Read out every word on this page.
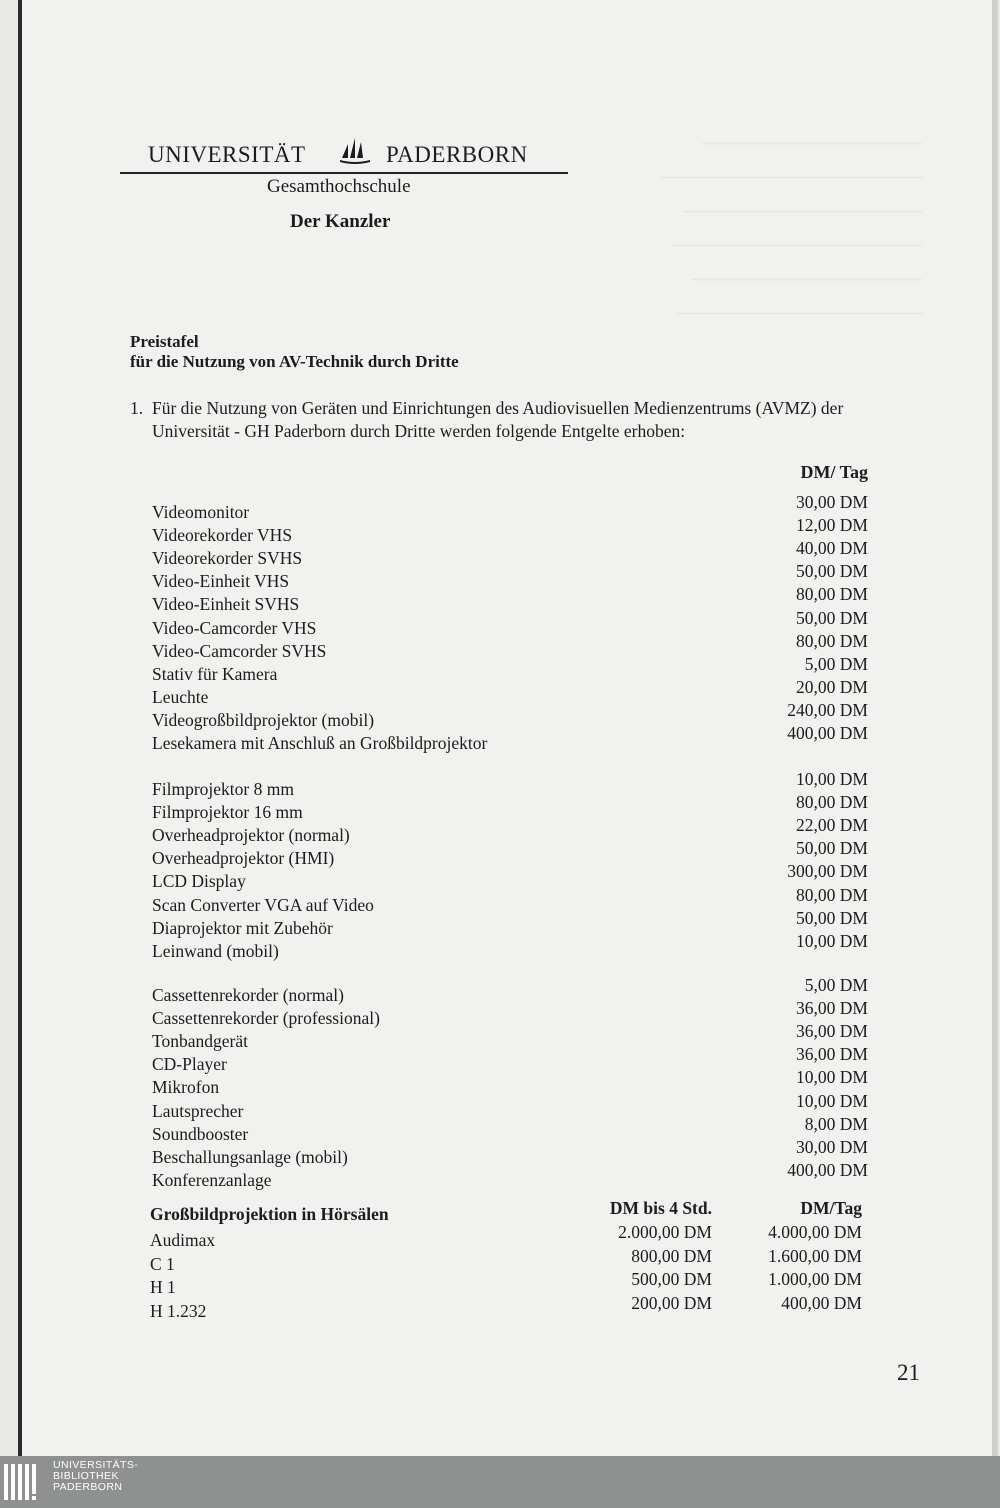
UNIVERSITÄT	PADERBORN
Gesamthochschule
Der Kanzler
Preistafel
für die Nutzung von AV-Technik durch Dritte
1. Für die Nutzung von Geräten und Einrichtungen des Audiovisuellen Medienzentrums (AVMZ) der Universität - GH Paderborn durch Dritte werden folgende Entgelte erhoben:
DM/ Tag
Videomonitor	30,00 DM
Videorekorder VHS	12,00 DM
Videorekorder SVHS	40,00 DM
Video-Einheit VHS	50,00 DM
Video-Einheit SVHS	80,00 DM
Video-Camcorder VHS	50,00 DM
Video-Camcorder SVHS	80,00 DM
Stativ für Kamera	5,00 DM
Leuchte	20,00 DM
Videogroßbildprojektor (mobil)	240,00 DM
Lesekamera mit Anschluß an Großbildprojektor	400,00 DM
Filmprojektor 8 mm	10,00 DM
Filmprojektor 16 mm	80,00 DM
Overheadprojektor (normal)	22,00 DM
Overheadprojektor (HMI)	50,00 DM
LCD Display	300,00 DM
Scan Converter VGA auf Video	80,00 DM
Diaprojektor mit Zubehör	50,00 DM
Leinwand (mobil)	10,00 DM
Cassettenrekorder (normal)	5,00 DM
Cassettenrekorder (professional)	36,00 DM
Tonbandgerät	36,00 DM
CD-Player	36,00 DM
Mikrofon	10,00 DM
Lautsprecher	10,00 DM
Soundbooster	8,00 DM
Beschallungsanlage (mobil)	30,00 DM
Konferenzanlage	400,00 DM
Großbildprojektion in Hörsälen	DM bis 4 Std.	DM/Tag
Audimax	2.000,00 DM	4.000,00 DM
C 1	800,00 DM	1.600,00 DM
H 1	500,00 DM	1.000,00 DM
H 1.232	200,00 DM	400,00 DM
21
UNIVERSITÄTS-
BIBLIOTHEK
PADERBORN
